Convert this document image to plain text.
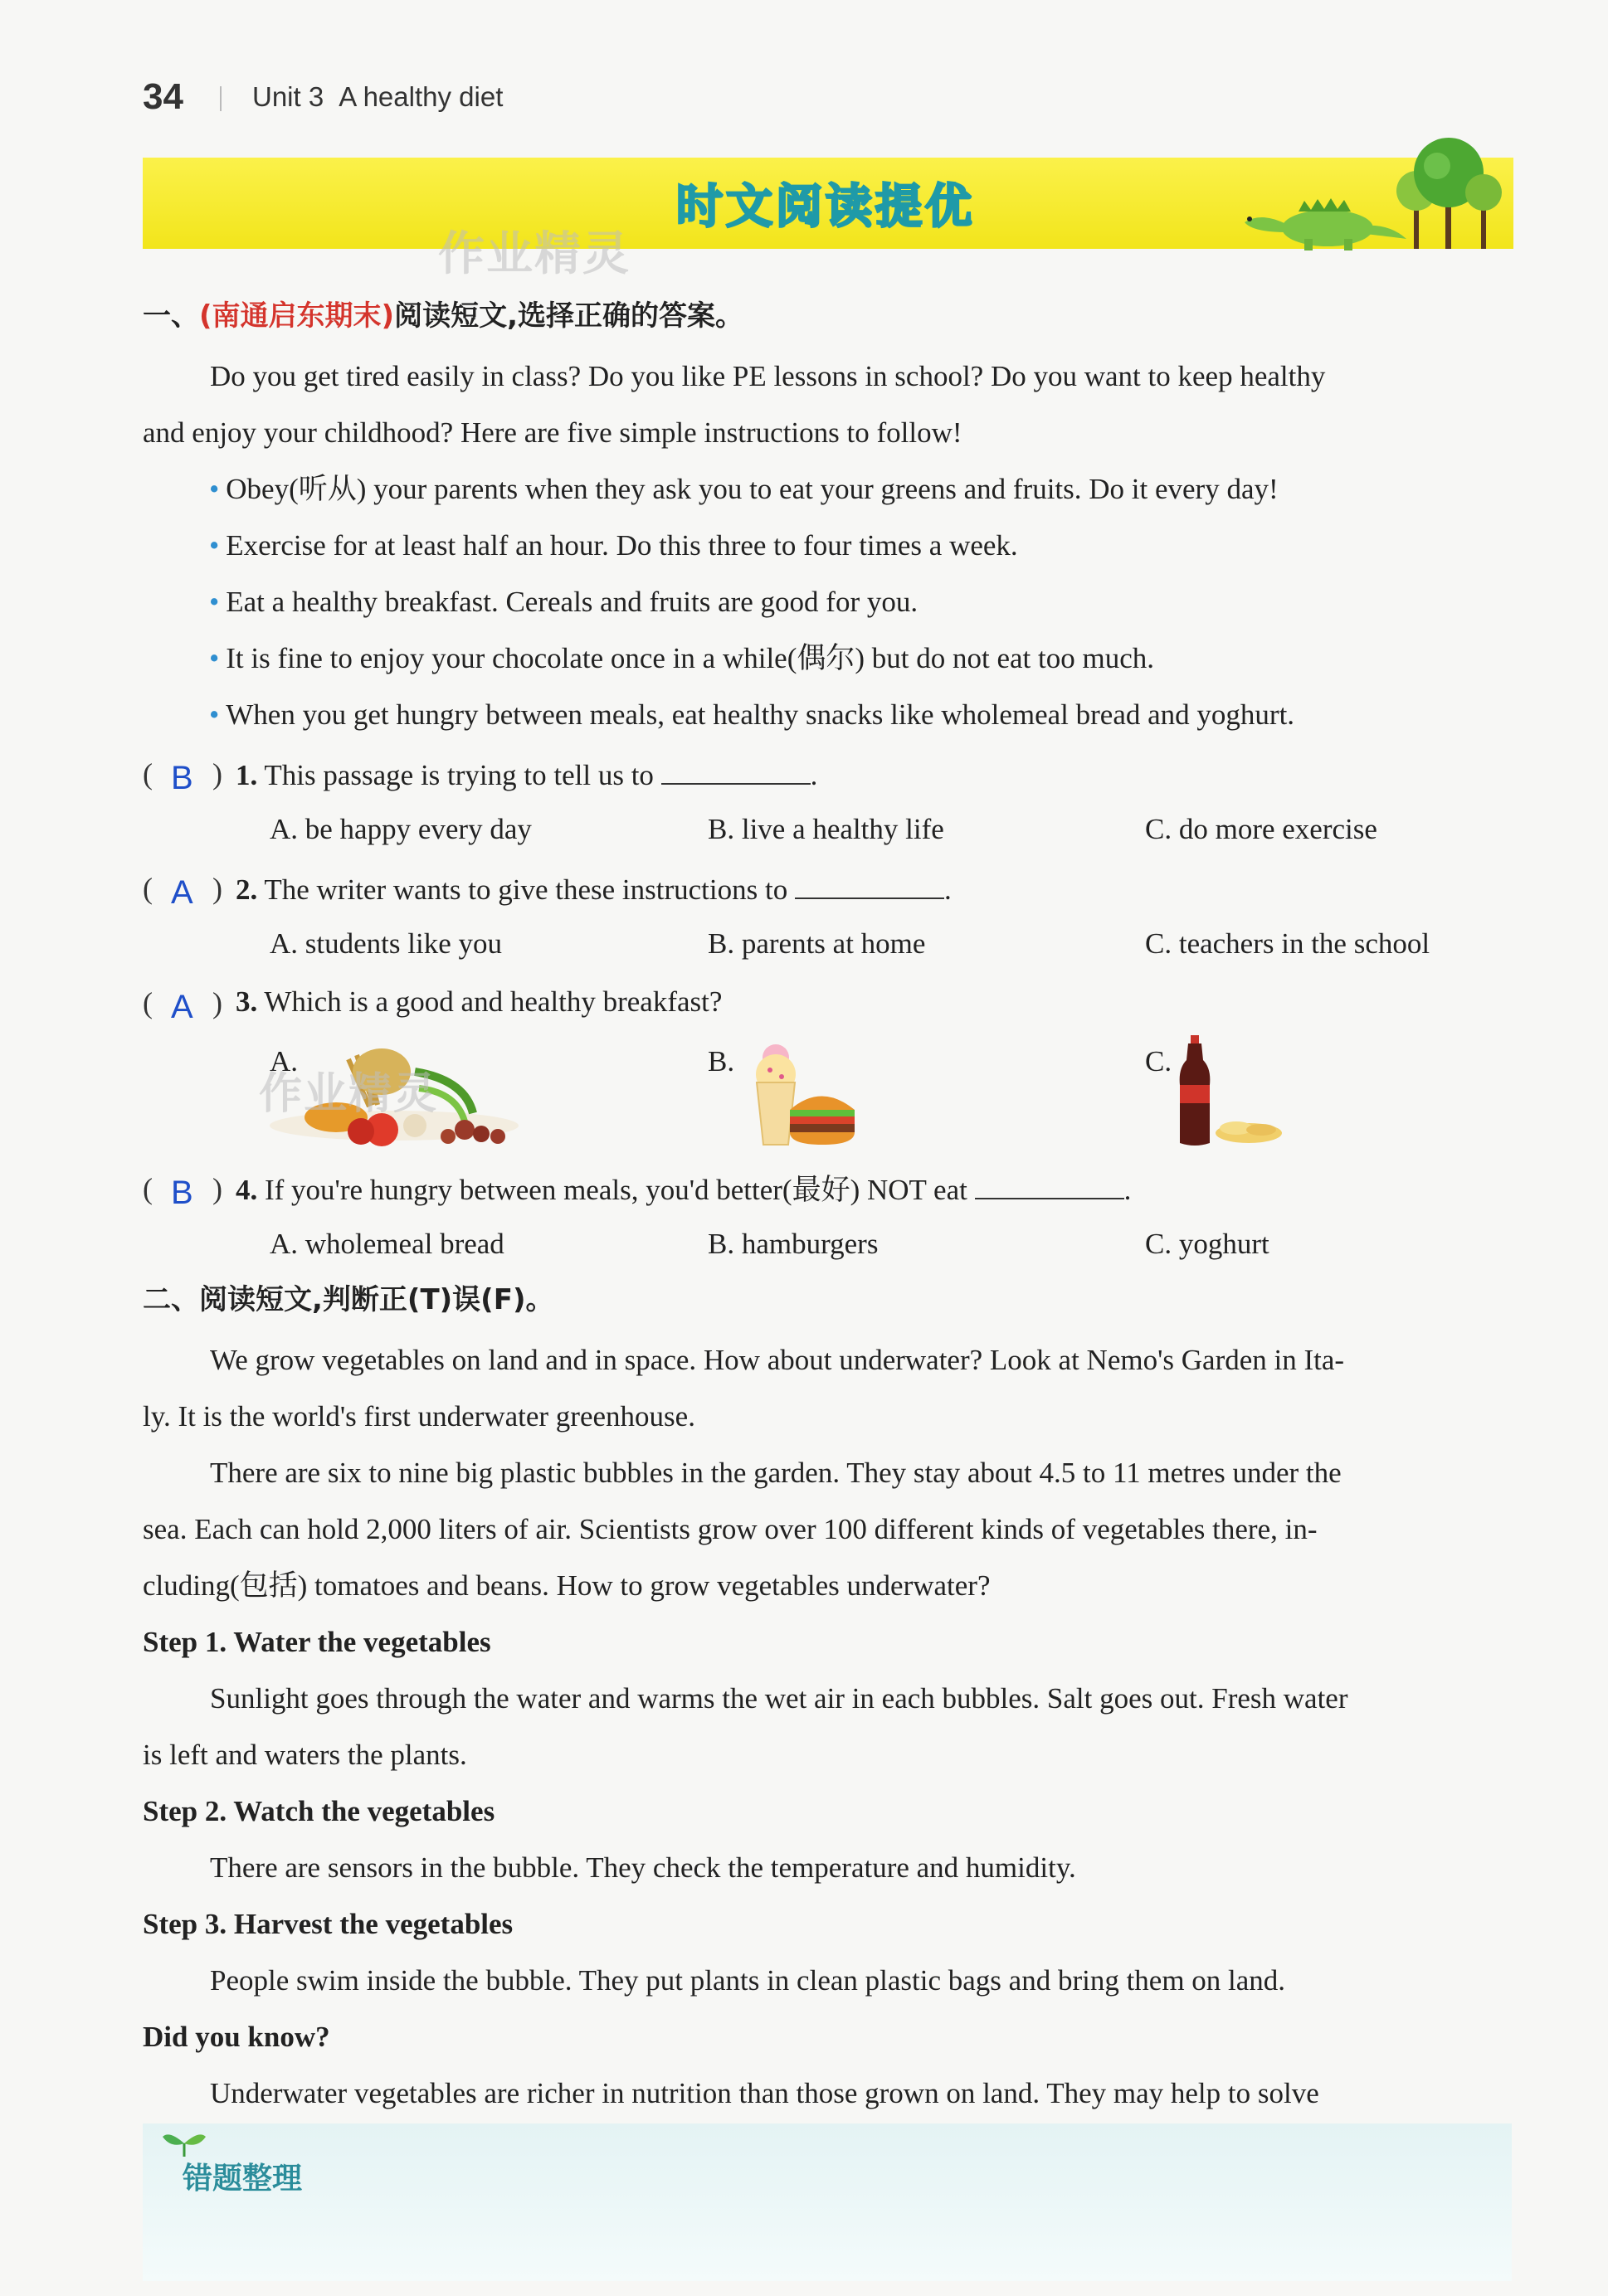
34	Unit 3 A healthy diet
时文阅读提优
作业精灵
一、(南通启东期末)阅读短文,选择正确的答案。
Do you get tired easily in class? Do you like PE lessons in school? Do you want to keep healthy
and enjoy your childhood? Here are five simple instructions to follow!
• Obey(听从) your parents when they ask you to eat your greens and fruits. Do it every day!
• Exercise for at least half an hour. Do this three to four times a week.
• Eat a healthy breakfast. Cereals and fruits are good for you.
• It is fine to enjoy your chocolate once in a while(偶尔) but do not eat too much.
• When you get hungry between meals, eat healthy snacks like wholemeal bread and yoghurt.
( B ) 1. This passage is trying to tell us to	.
A. be happy every day	B. live a healthy life	C. do more exercise
( A ) 2. The writer wants to give these instructions to	.
A. students like you	B. parents at home	C. teachers in the school
( A ) 3. Which is a good and healthy breakfast?
A.	B.	C.
作业精灵
( B ) 4. If you're hungry between meals, you'd better(最好) NOT eat	.
A. wholemeal bread	B. hamburgers	C. yoghurt
二、阅读短文,判断正(T)误(F)。
We grow vegetables on land and in space. How about underwater? Look at Nemo's Garden in Ita-
ly. It is the world's first underwater greenhouse.
There are six to nine big plastic bubbles in the garden. They stay about 4.5 to 11 metres under the
sea. Each can hold 2,000 liters of air. Scientists grow over 100 different kinds of vegetables there, in-
cluding(包括) tomatoes and beans. How to grow vegetables underwater?
Step 1. Water the vegetables
Sunlight goes through the water and warms the wet air in each bubbles. Salt goes out. Fresh water
is left and waters the plants.
Step 2. Watch the vegetables
There are sensors in the bubble. They check the temperature and humidity.
Step 3. Harvest the vegetables
People swim inside the bubble. They put plants in clean plastic bags and bring them on land.
Did you know?
Underwater vegetables are richer in nutrition than those grown on land. They may help to solve
错题整理
